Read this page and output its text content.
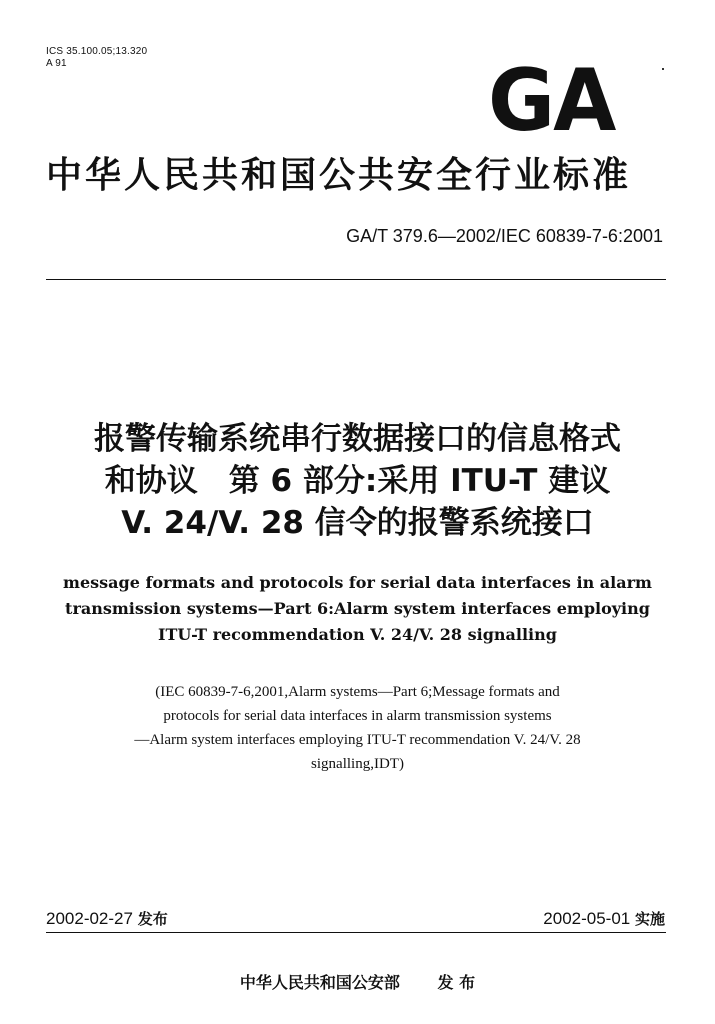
ICS 35.100.05;13.320
A 91	GA
中华人民共和国公共安全行业标准
GA/T 379.6—2002/IEC 60839-7-6:2001
报警传输系统串行数据接口的信息格式
和协议　第 6 部分:采用 ITU-T 建议
V. 24/V. 28 信令的报警系统接口
message formats and protocols for serial data interfaces in alarm
transmission systems—Part 6:Alarm system interfaces employing
ITU-T recommendation V. 24/V. 28 signalling
(IEC 60839-7-6,2001,Alarm systems—Part 6;Message formats and
protocols for serial data interfaces in alarm transmission systems
—Alarm system interfaces employing ITU-T recommendation V. 24/V. 28
signalling,IDT)
2002-02-27 发布	2002-05-01 实施
中华人民共和国公安部 发 布
